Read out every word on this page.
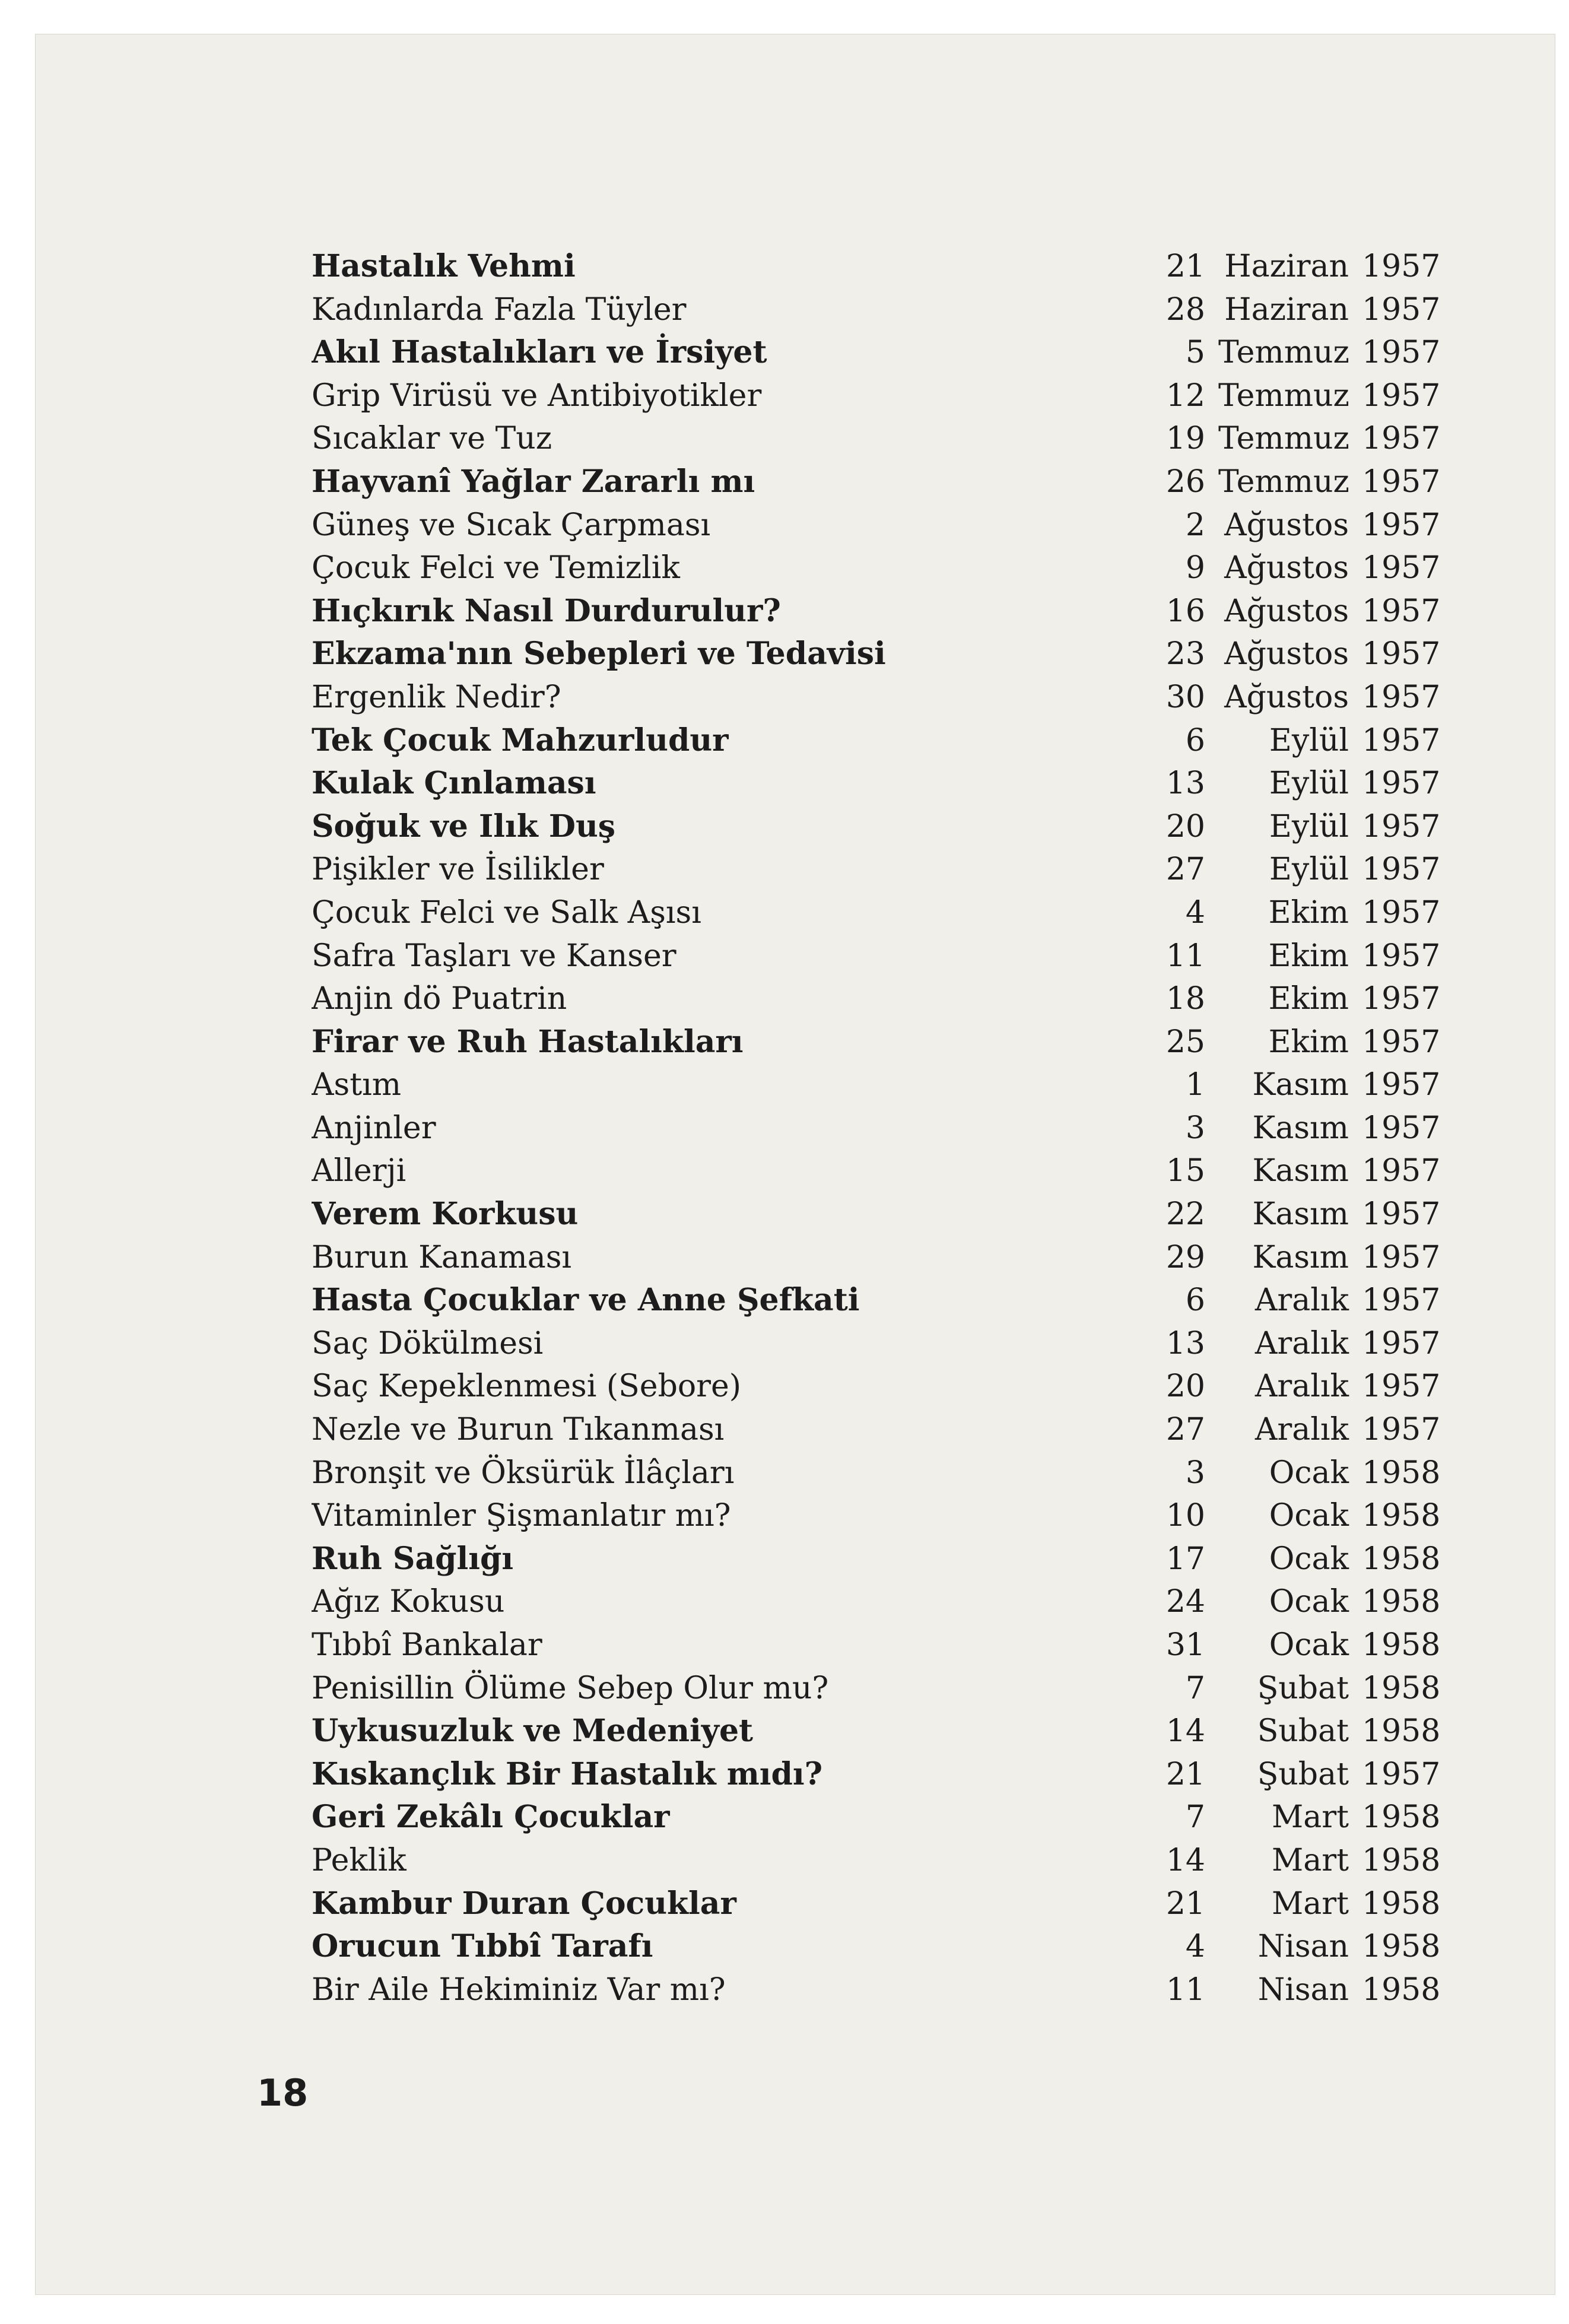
Hastalık Vehmi	21 Haziran 1957
Kadınlarda Fazla Tüyler	28 Haziran 1957
Akıl Hastalıkları ve İrsiyet	5 Temmuz 1957
Grip Virüsü ve Antibiyotikler	12 Temmuz 1957
Sıcaklar ve Tuz	19 Temmuz 1957
Hayvanî Yağlar Zararlı mı	26 Temmuz 1957
Güneş ve Sıcak Çarpması	2 Ağustos 1957
Çocuk Felci ve Temizlik	9 Ağustos 1957
Hıçkırık Nasıl Durdurulur?	16 Ağustos 1957
Ekzama'nın Sebepleri ve Tedavisi	23 Ağustos 1957
Ergenlik Nedir?	30 Ağustos 1957
Tek Çocuk Mahzurludur	6	Eylül 1957
Kulak Çınlaması	13	Eylül 1957
Soğuk ve Ilık Duş	20	Eylül 1957
Pişikler ve İsilikler	27	Eylül 1957
Çocuk Felci ve Salk Aşısı	4	Ekim 1957
Safra Taşları ve Kanser	11	Ekim 1957
Anjin dö Puatrin	18	Ekim 1957
Firar ve Ruh Hastalıkları	25	Ekim 1957
Astım	1	Kasım 1957
Anjinler	3	Kasım 1957
Allerji	15	Kasım 1957
Verem Korkusu	22	Kasım 1957
Burun Kanaması	29	Kasım 1957
Hasta Çocuklar ve Anne Şefkati	6	Aralık 1957
Saç Dökülmesi	13	Aralık 1957
Saç Kepeklenmesi (Sebore)	20	Aralık 1957
Nezle ve Burun Tıkanması	27	Aralık 1957
Bronşit ve Öksürük İlâçları	3	Ocak 1958
Vitaminler Şişmanlatır mı?	10	Ocak 1958
Ruh Sağlığı	17	Ocak 1958
Ağız Kokusu	24	Ocak 1958
Tıbbî Bankalar	31	Ocak 1958
Penisillin Ölüme Sebep Olur mu?	7	Şubat 1958
Uykusuzluk ve Medeniyet	14	Subat 1958
Kıskançlık Bir Hastalık mıdı?	21	Şubat 1957
Geri Zekâlı Çocuklar	7	Mart 1958
Peklik	14	Mart 1958
Kambur Duran Çocuklar	21	Mart 1958
Orucun Tıbbî Tarafı	4	Nisan 1958
Bir Aile Hekiminiz Var mı?	11	Nisan 1958
18
